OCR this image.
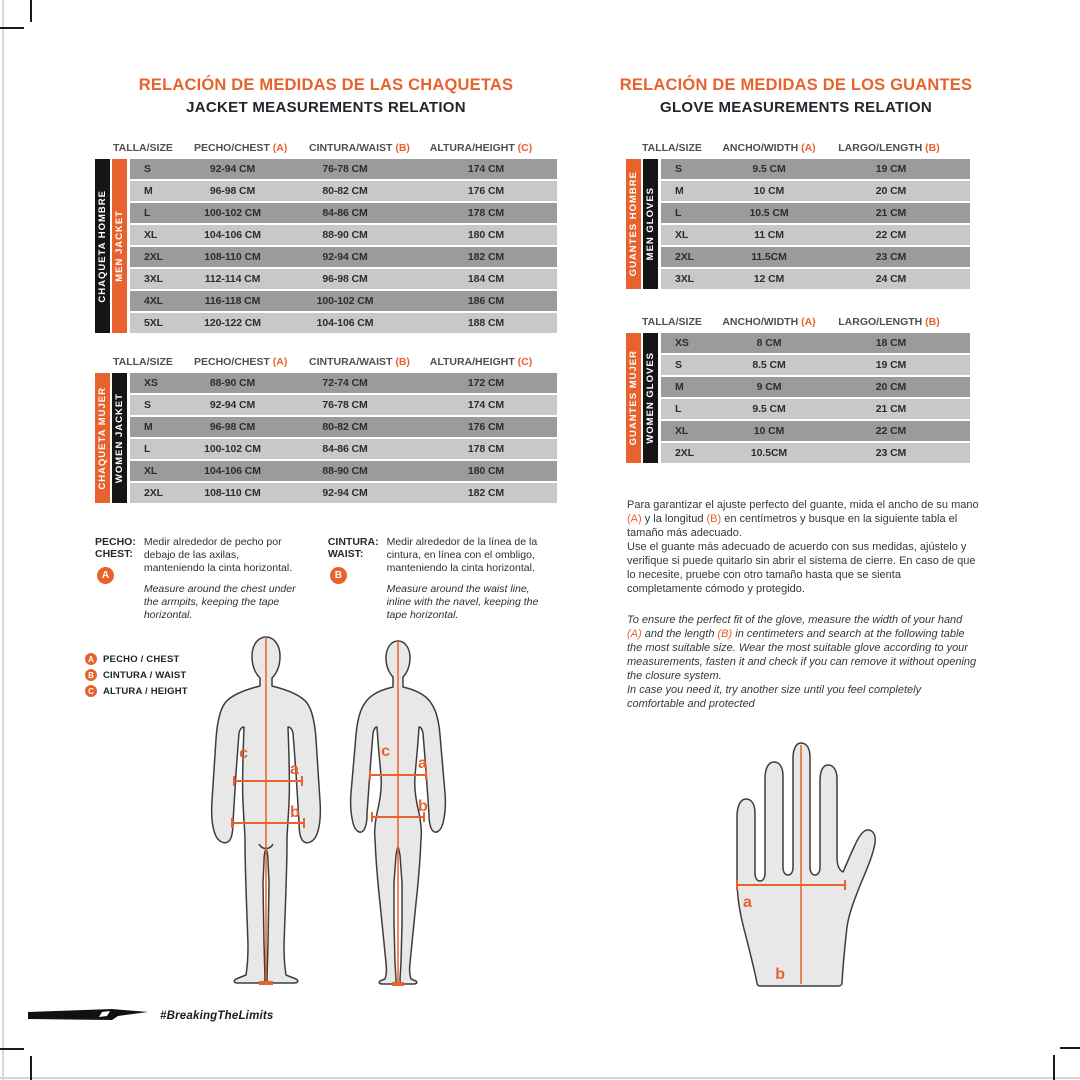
RELACIÓN DE MEDIDAS DE LAS CHAQUETAS
JACKET MEASUREMENTS RELATION
TALLA/SIZE	PECHO/CHEST (A)	CINTURA/WAIST (B)	ALTURA/HEIGHT (C)
CHAQUETA HOMBRE MEN JACKET
S	92-94 CM	76-78 CM	174 CM
M	96-98 CM	80-82 CM	176 CM
L	100-102 CM	84-86 CM	178 CM
XL	104-106 CM	88-90 CM	180 CM
2XL	108-110 CM	92-94 CM	182 CM
3XL	112-114 CM	96-98 CM	184 CM
4XL	116-118 CM	100-102 CM	186 CM
5XL	120-122 CM	104-106 CM	188 CM
TALLA/SIZE	PECHO/CHEST (A)	CINTURA/WAIST (B)	ALTURA/HEIGHT (C)
CHAQUETA MUJER WOMEN JACKET
XS	88-90 CM	72-74 CM	172 CM
S	92-94 CM	76-78 CM	174 CM
M	96-98 CM	80-82 CM	176 CM
L	100-102 CM	84-86 CM	178 CM
XL	104-106 CM	88-90 CM	180 CM
2XL	108-110 CM	92-94 CM	182 CM
PECHO:
CHEST:
A
Medir alrededor de pecho por debajo de las axilas, manteniendo la cinta horizontal.
Measure around the chest under the armpits, keeping the tape horizontal.
CINTURA:
WAIST:
B
Medir alrededor de la línea de la cintura, en línea con el ombligo, manteniendo la cinta horizontal.
Measure around the waist line, inline with the navel, keeping the tape horizontal.
A PECHO / CHEST
B CINTURA / WAIST
C ALTURA / HEIGHT
c
a
b
c
a
b
RELACIÓN DE MEDIDAS DE LOS GUANTES
GLOVE MEASUREMENTS RELATION
TALLA/SIZE	ANCHO/WIDTH (A)	LARGO/LENGTH (B)
GUANTES HOMBRE MEN GLOVES
S	9.5 CM	19 CM
M	10 CM	20 CM
L	10.5 CM	21 CM
XL	11 CM	22 CM
2XL	11.5CM	23 CM
3XL	12 CM	24 CM
TALLA/SIZE	ANCHO/WIDTH (A)	LARGO/LENGTH (B)
GUANTES MUJER WOMEN GLOVES
XS	8 CM	18 CM
S	8.5 CM	19 CM
M	9 CM	20 CM
L	9.5 CM	21 CM
XL	10 CM	22 CM
2XL	10.5CM	23 CM

Para garantizar el ajuste perfecto del guante, mida el ancho de su mano (A) y la longitud (B) en centímetros y busque en la siguiente tabla el tamaño más adecuado.

Use el guante más adecuado de acuerdo con sus medidas, ajústelo y verifique si puede quitarlo sin abrir el sistema de cierre. En caso de que lo necesite, pruebe con otro tamaño hasta que se sienta completamente cómodo y protegido.

To ensure the perfect fit of the glove, measure the width of your hand (A) and the length (B) in centimeters and search at the following table the most suitable size. Wear the most suitable glove according to your measurements, fasten it and check if you can remove it without opening the closure system.

In case you need it, try another size until you feel completely comfortable and protected

a
b
#BreakingTheLimits
